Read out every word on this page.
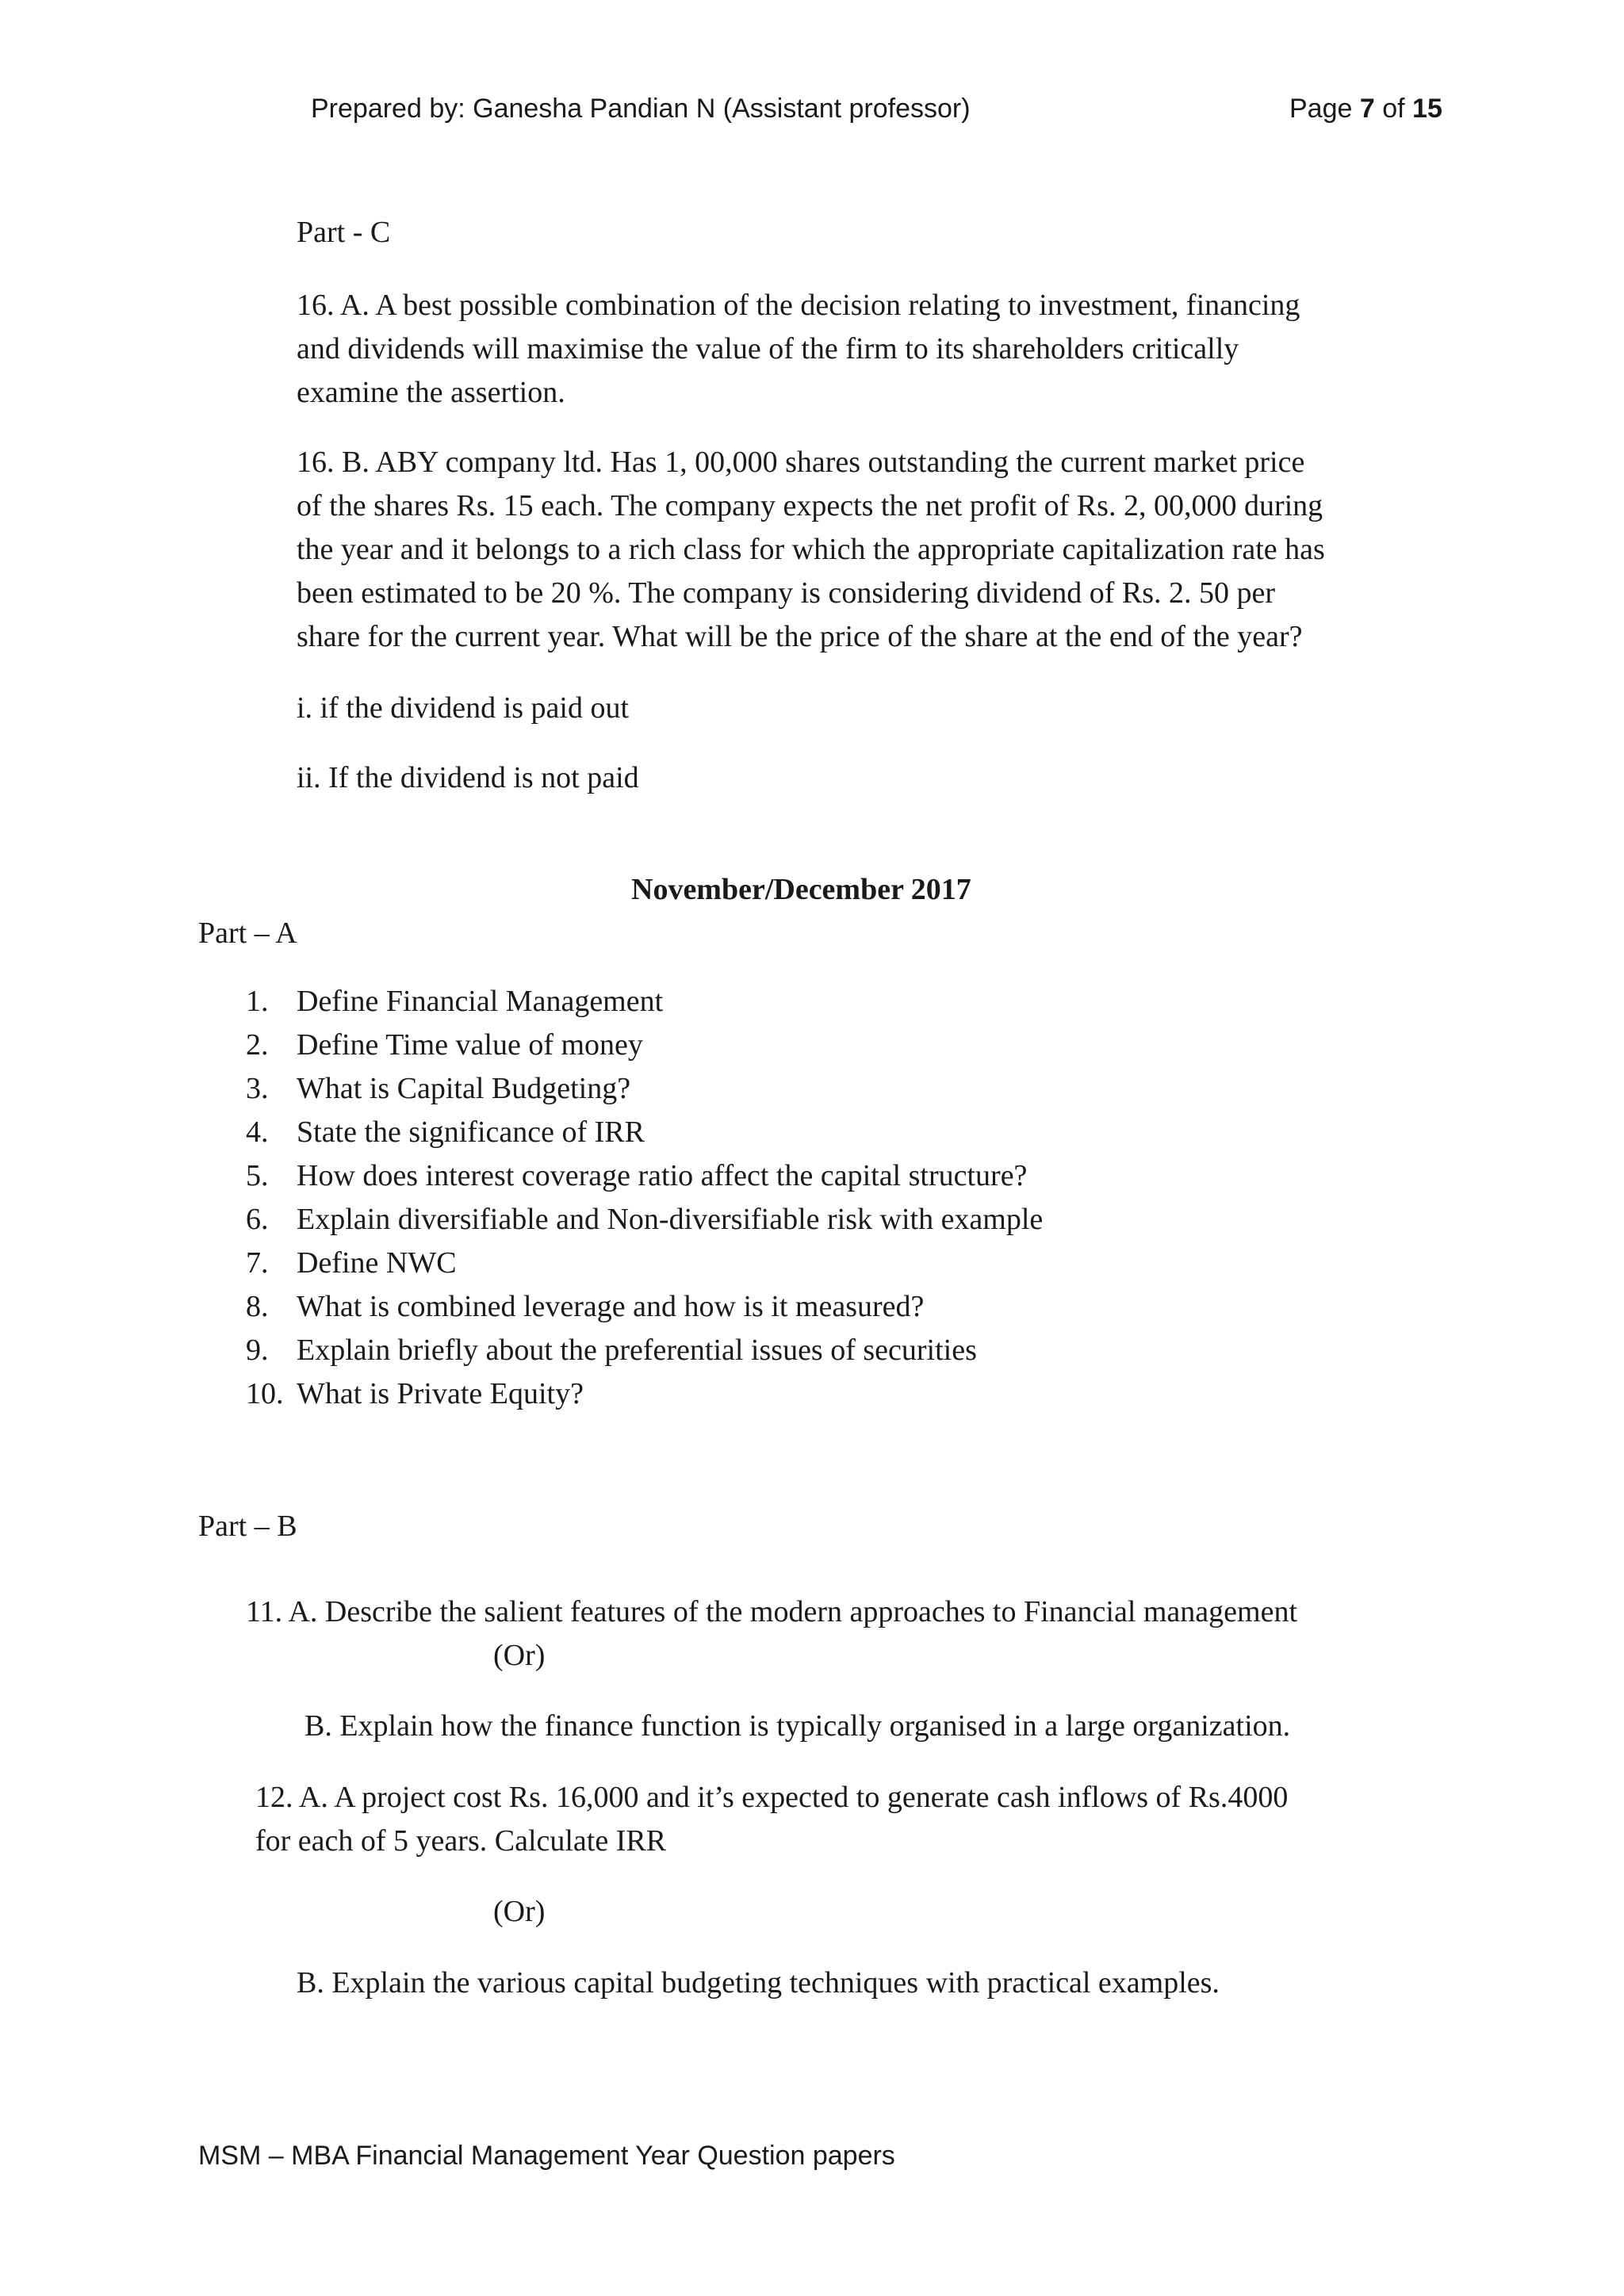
Prepared by: Ganesha Pandian N (Assistant professor)	Page 7 of 15
Part - C
16. A. A best possible combination of the decision relating to investment, financing
and dividends will maximise the value of the firm to its shareholders critically
examine the assertion.
16. B. ABY company ltd. Has 1, 00,000 shares outstanding the current market price
of the shares Rs. 15 each. The company expects the net profit of Rs. 2, 00,000 during
the year and it belongs to a rich class for which the appropriate capitalization rate has
been estimated to be 20 %. The company is considering dividend of Rs. 2. 50 per
share for the current year. What will be the price of the share at the end of the year?
i. if the dividend is paid out
ii. If the dividend is not paid
November/December 2017
Part – A
1. Define Financial Management
2. Define Time value of money
3. What is Capital Budgeting?
4. State the significance of IRR
5. How does interest coverage ratio affect the capital structure?
6. Explain diversifiable and Non-diversifiable risk with example
7. Define NWC
8. What is combined leverage and how is it measured?
9. Explain briefly about the preferential issues of securities
10. What is Private Equity?
Part – B
11. A. Describe the salient features of the modern approaches to Financial management
(Or)
B. Explain how the finance function is typically organised in a large organization.
12. A. A project cost Rs. 16,000 and it’s expected to generate cash inflows of Rs.4000
for each of 5 years. Calculate IRR
(Or)
B. Explain the various capital budgeting techniques with practical examples.
MSM – MBA Financial Management Year Question papers
